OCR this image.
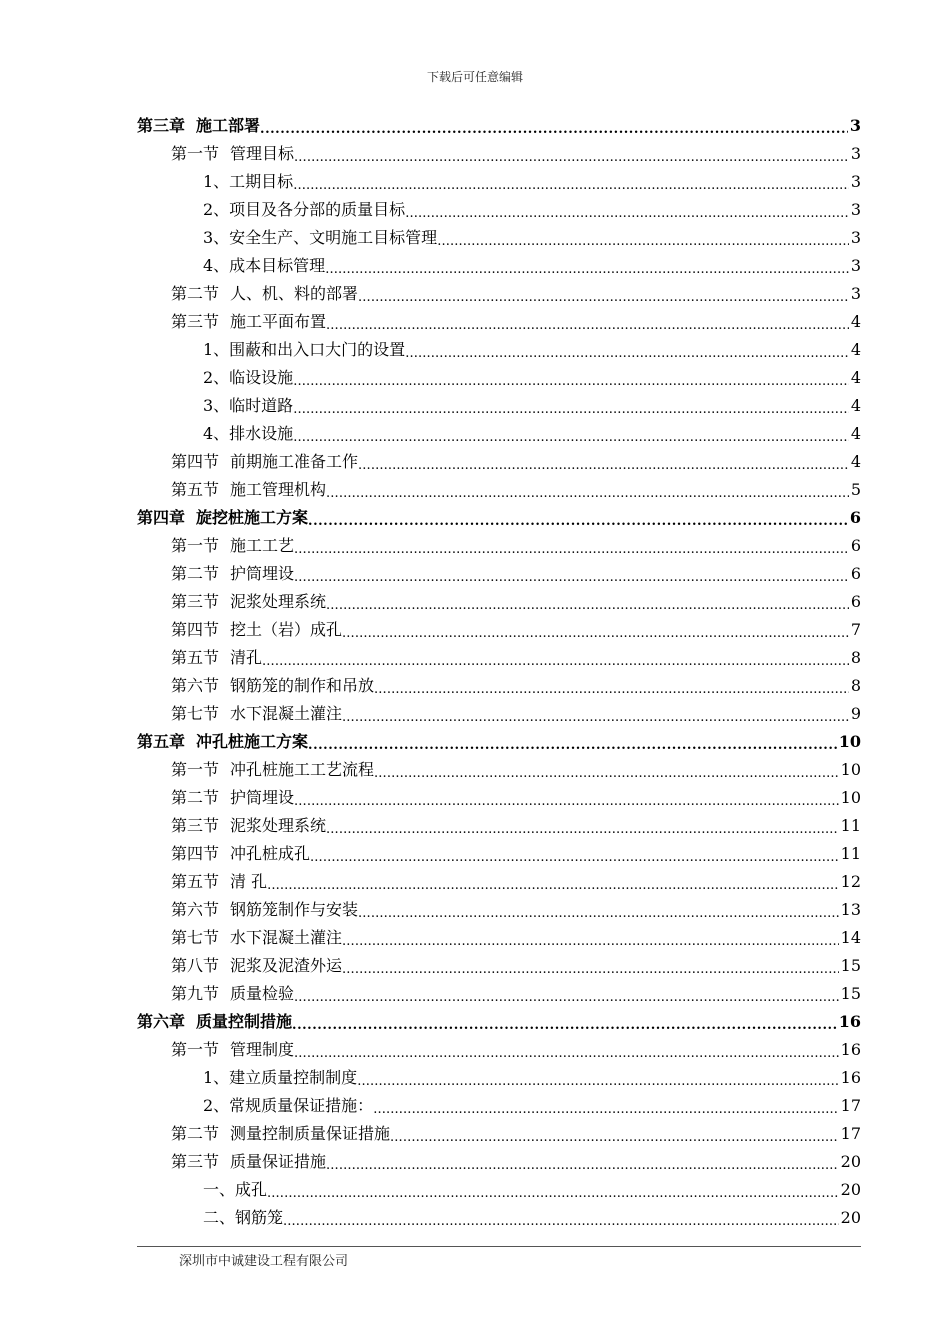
下载后可任意编辑
第三章 施工部署 . . .	3
第一节 管理目标 . . .	3
1、工期目标 . . .	3
2、项目及各分部的质量目标 . . .	3
3、安全生产、文明施工目标管理 . . .	3
4、成本目标管理 . . .	3
第二节 人、机、料的部署 . . .	3
第三节 施工平面布置 . . .	4
1、围蔽和出入口大门的设置 . . .	4
2、临设设施 . . .	4
3、临时道路 . . .	4
4、排水设施 . . .	4
第四节 前期施工准备工作 . . .	4
第五节 施工管理机构 . . .	5
第四章 旋挖桩施工方案 . . .	6
第一节 施工工艺 . . .	6
第二节 护筒埋设 . . .	6
第三节 泥浆处理系统 . . .	6
第四节 挖土（岩）成孔 . . .	7
第五节 清孔 . . .	8
第六节 钢筋笼的制作和吊放 . . .	8
第七节 水下混凝土灌注 . . .	9
第五章 冲孔桩施工方案 . . .	10
第一节 冲孔桩施工工艺流程 . . .	10
第二节 护筒埋设 . . .	10
第三节 泥浆处理系统 . . .	11
第四节 冲孔桩成孔 . . .	11
第五节 清 孔 . . .	12
第六节 钢筋笼制作与安装 . . .	13
第七节 水下混凝土灌注 . . .	14
第八节 泥浆及泥渣外运 . . .	15
第九节 质量检验 . . .	15
第六章 质量控制措施 . . .	16
第一节 管理制度 . . .	16
1、建立质量控制制度 . . .	16
2、常规质量保证措施： . . .	17
第二节 测量控制质量保证措施 . . .	17
第三节 质量保证措施 . . .	20
一、成孔 . . .	20
二、钢筋笼 . . .	20
深圳市中诚建设工程有限公司
